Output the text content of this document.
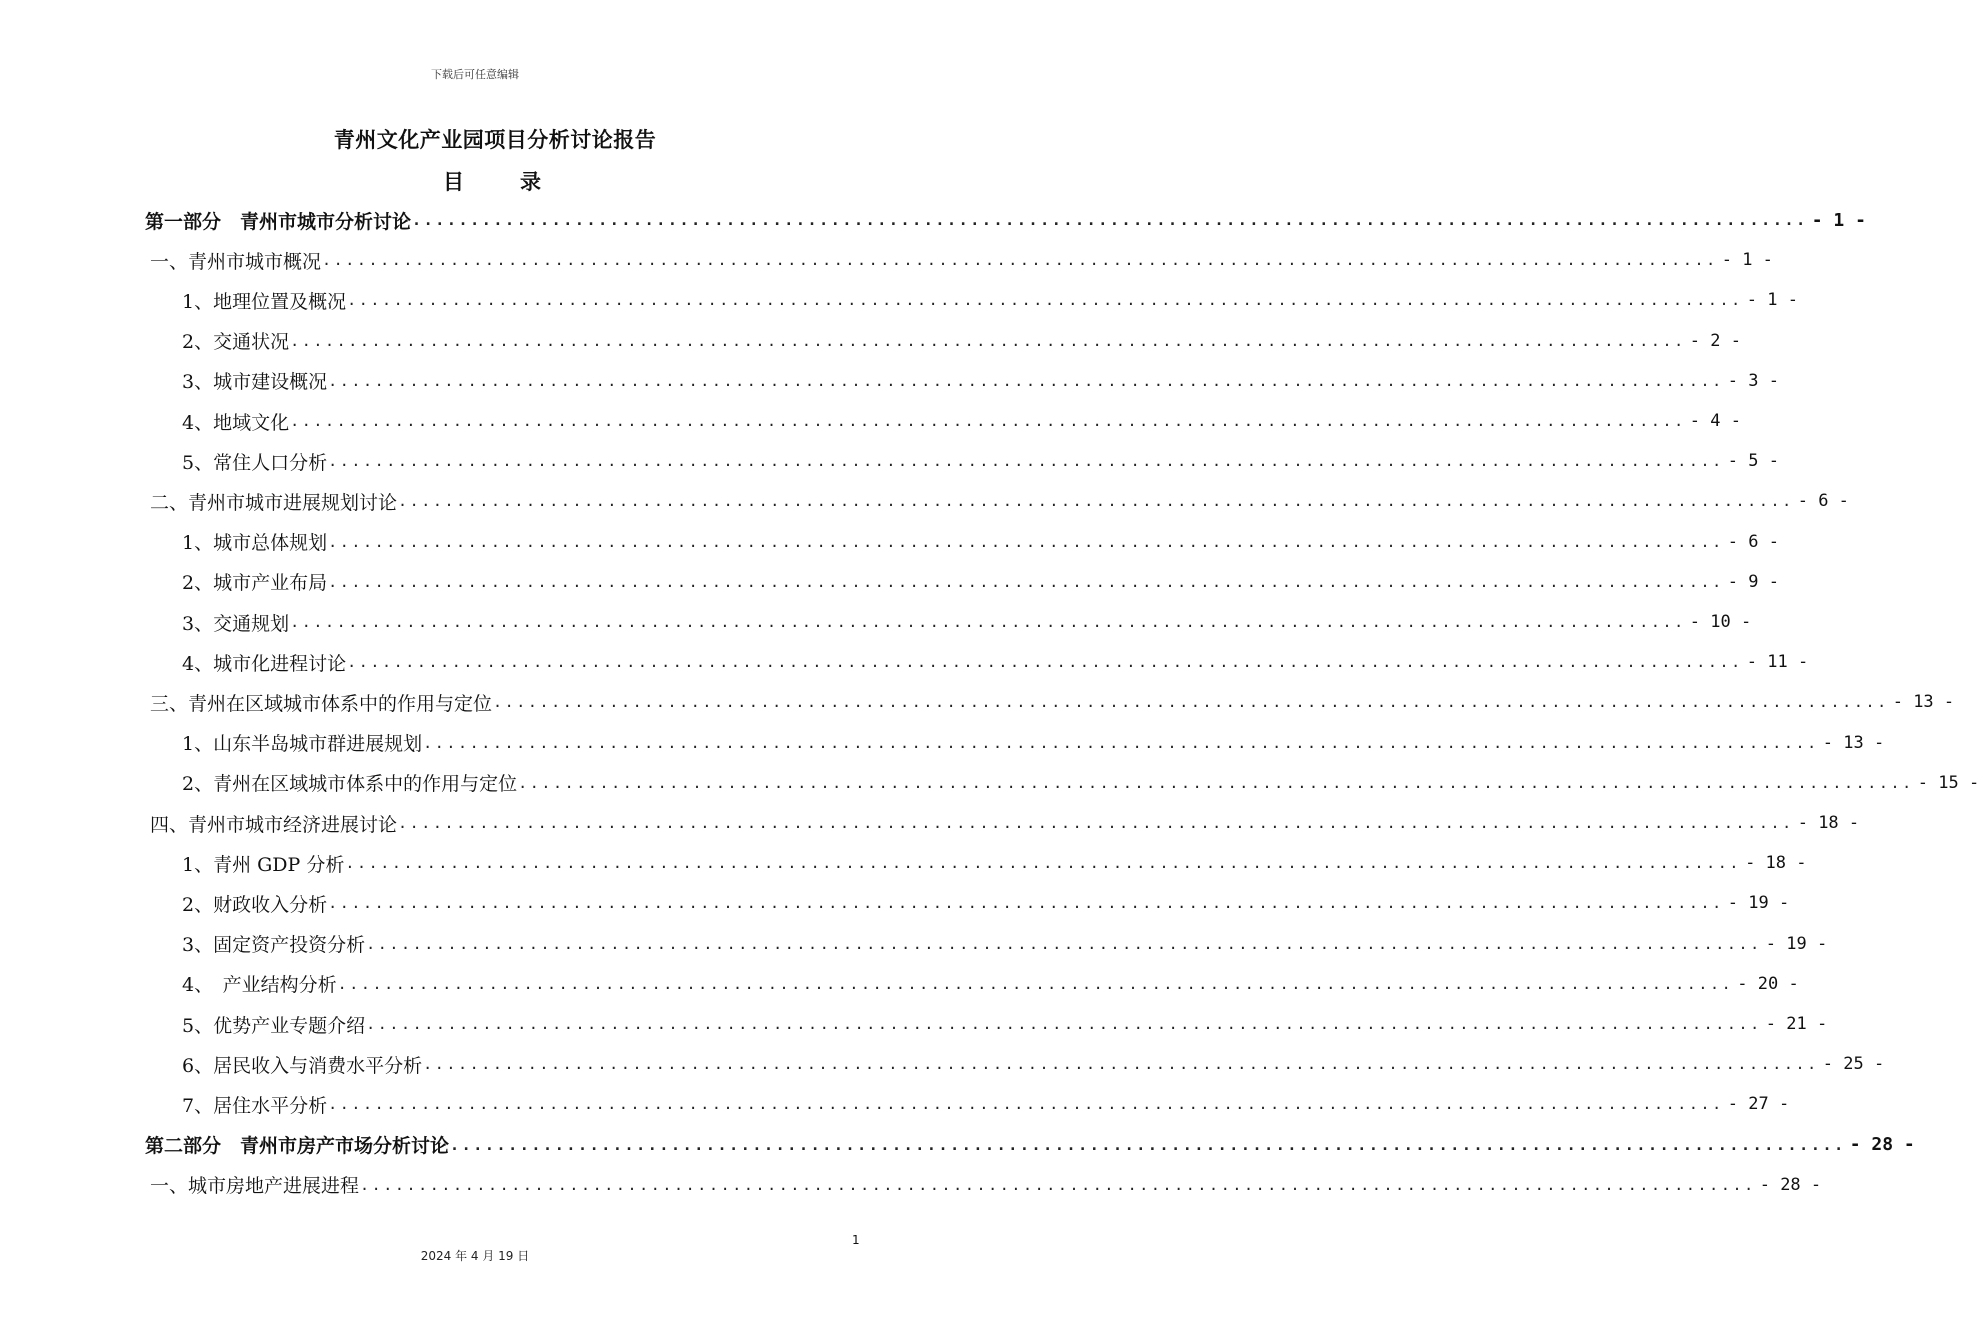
下载后可任意编辑
青州文化产业园项目分析讨论报告
目录
第一部分　青州市城市分析讨论 ........................................................................................................................ - 1 -
一、青州市城市概况 ........................................................................................................................ - 1 -
1、地理位置及概况 ........................................................................................................................ - 1 -
2、交通状况 ........................................................................................................................ - 2 -
3、城市建设概况 ........................................................................................................................ - 3 -
4、地域文化 ........................................................................................................................ - 4 -
5、常住人口分析 ........................................................................................................................ - 5 -
二、青州市城市进展规划讨论 ........................................................................................................................ - 6 -
1、城市总体规划 ........................................................................................................................ - 6 -
2、城市产业布局 ........................................................................................................................ - 9 -
3、交通规划 ........................................................................................................................ - 10 -
4、城市化进程讨论 ........................................................................................................................ - 11 -
三、青州在区域城市体系中的作用与定位 ........................................................................................................................ - 13 -
1、山东半岛城市群进展规划 ........................................................................................................................ - 13 -
2、青州在区域城市体系中的作用与定位 ........................................................................................................................ - 15 -
四、青州市城市经济进展讨论 ........................................................................................................................ - 18 -
1、青州 GDP 分析 ........................................................................................................................ - 18 -
2、财政收入分析 ........................................................................................................................ - 19 -
3、固定资产投资分析 ........................................................................................................................ - 19 -
4、　产业结构分析 ........................................................................................................................ - 20 -
5、优势产业专题介绍 ........................................................................................................................ - 21 -
6、居民收入与消费水平分析 ........................................................................................................................ - 25 -
7、居住水平分析 ........................................................................................................................ - 27 -
第二部分　青州市房产市场分析讨论 ........................................................................................................................ - 28 -
一、城市房地产进展进程 ........................................................................................................................ - 28 -
1
2024 年 4 月 19 日
